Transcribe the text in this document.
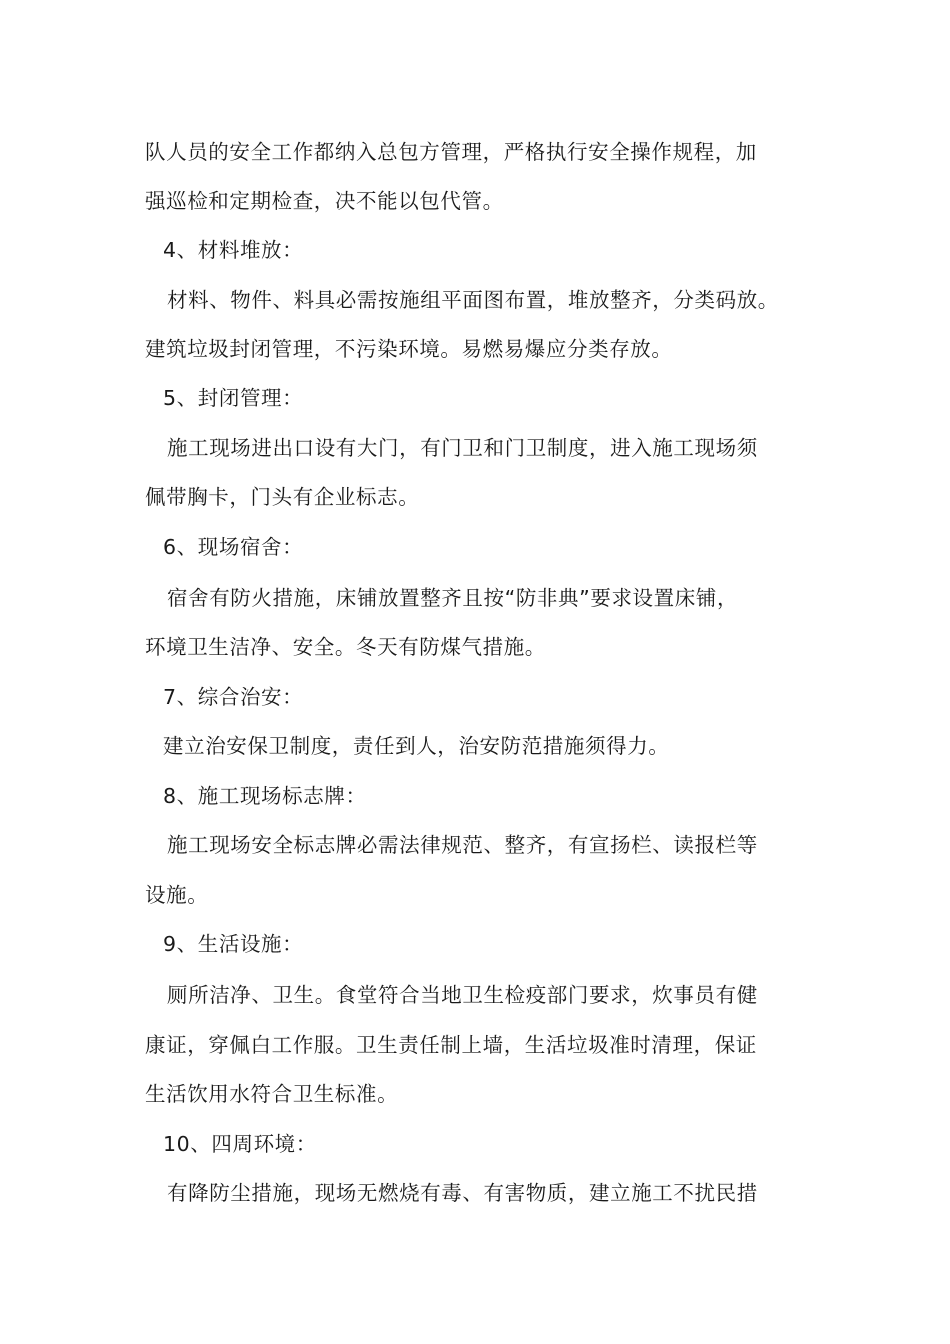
队人员的安全工作都纳入总包方管理，严格执行安全操作规程，加
强巡检和定期检查，决不能以包代管。
4、材料堆放：
材料、物件、料具必需按施组平面图布置，堆放整齐，分类码放。
建筑垃圾封闭管理，不污染环境。易燃易爆应分类存放。
5、封闭管理：
施工现场进出口设有大门，有门卫和门卫制度，进入施工现场须
佩带胸卡，门头有企业标志。
6、现场宿舍：
宿舍有防火措施，床铺放置整齐且按“防非典”要求设置床铺，
环境卫生洁净、安全。冬天有防煤气措施。
7、综合治安：
建立治安保卫制度，责任到人，治安防范措施须得力。
8、施工现场标志牌：
施工现场安全标志牌必需法律规范、整齐，有宣扬栏、读报栏等
设施。
9、生活设施：
厕所洁净、卫生。食堂符合当地卫生检疫部门要求，炊事员有健
康证，穿佩白工作服。卫生责任制上墙，生活垃圾准时清理，保证
生活饮用水符合卫生标准。
10、四周环境：
有降防尘措施，现场无燃烧有毒、有害物质，建立施工不扰民措
